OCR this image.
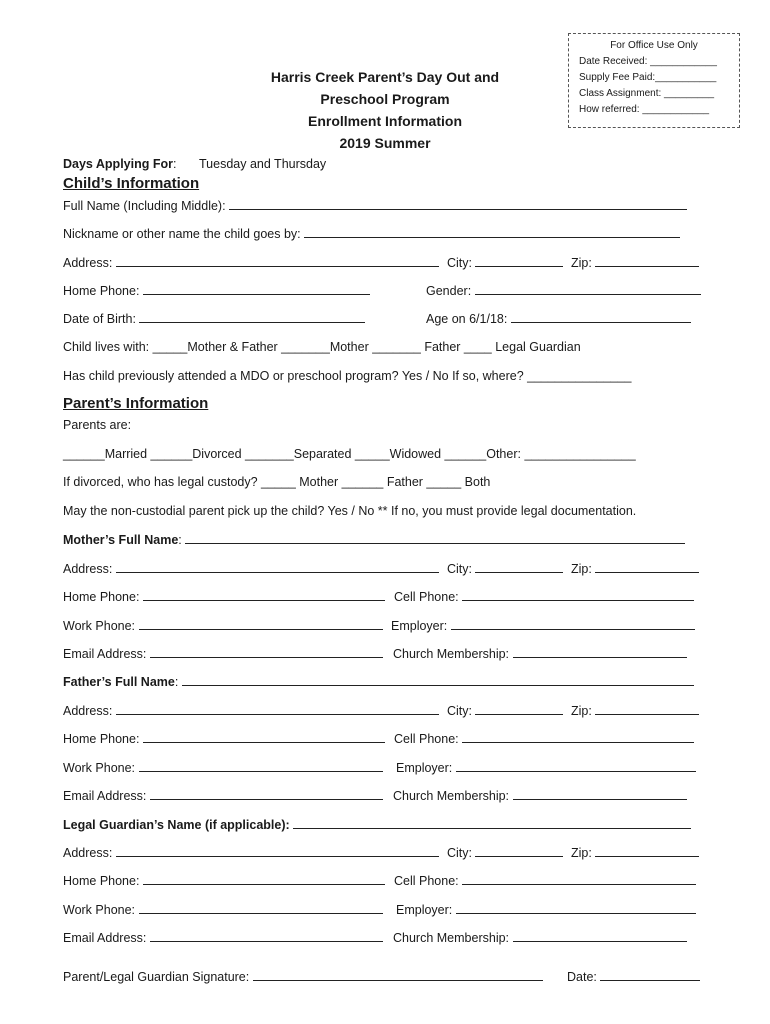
For Office Use Only
Date Received: ____________
Supply Fee Paid:___________
Class Assignment: _________
How referred: ____________
Harris Creek Parent’s Day Out and
Preschool Program
Enrollment Information
2019 Summer
Days Applying For: Tuesday and Thursday
Child’s Information
Full Name (Including Middle):
Nickname or other name the child goes by:
Address:	City:	Zip:
Home Phone:	Gender:
Date of Birth:	Age on 6/1/18:
Child lives with: _____Mother & Father _______Mother _______ Father ____ Legal Guardian
Has child previously attended a MDO or preschool program? Yes / No If so, where? _______________
Parent’s Information
Parents are:
______Married ______Divorced _______Separated _____Widowed ______Other: ________________
If divorced, who has legal custody? _____ Mother ______ Father _____ Both
May the non-custodial parent pick up the child? Yes / No ** If no, you must provide legal documentation.
Mother’s Full Name:
Address:	City:	Zip:
Home Phone:	Cell Phone:
Work Phone:	Employer:
Email Address:	Church Membership:
Father’s Full Name:
Address:	City:	Zip:
Home Phone:	Cell Phone:
Work Phone:	Employer:
Email Address:	Church Membership:
Legal Guardian’s Name (if applicable):
Address:	City:	Zip:
Home Phone:	Cell Phone:
Work Phone:	Employer:
Email Address:	Church Membership:
Parent/Legal Guardian Signature:	Date:
